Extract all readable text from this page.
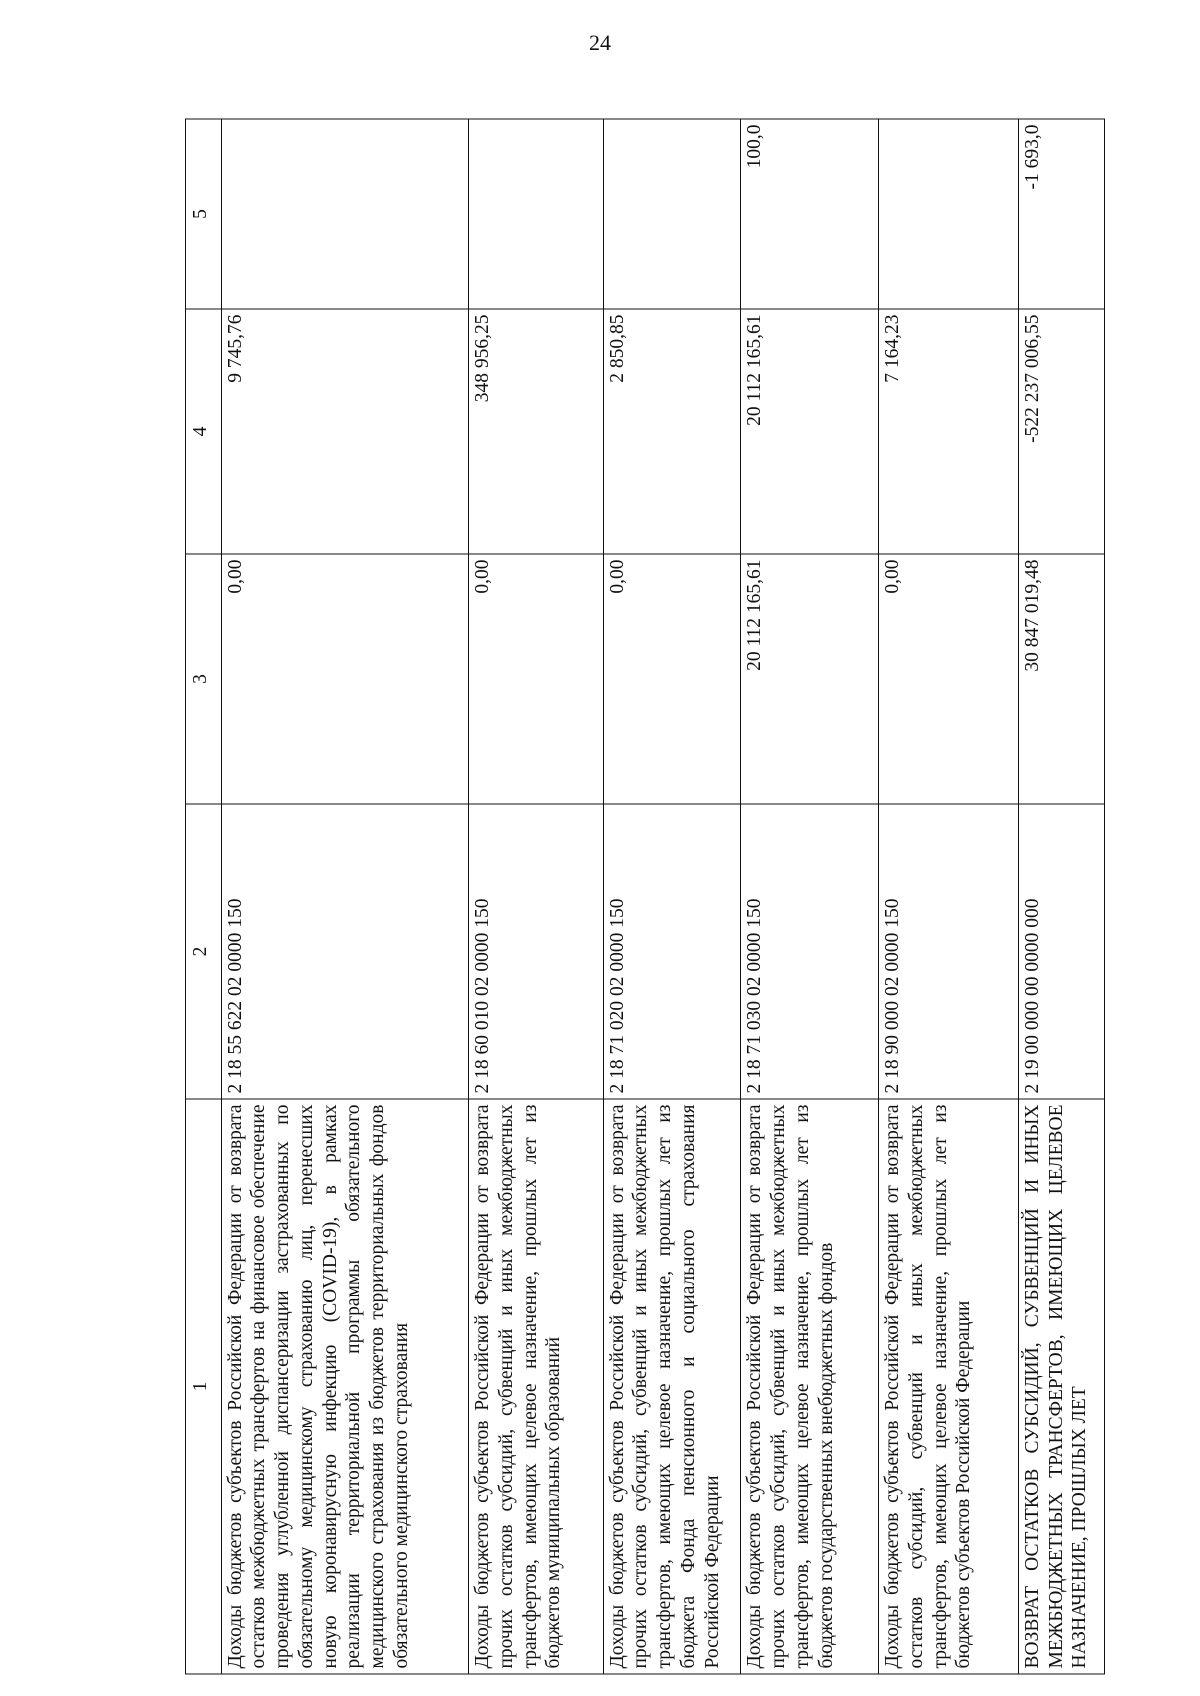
24
1	2	3	4	5
Доходы бюджетов субъектов Российской Федерации от возврата остатков межбюджетных трансфертов на финансовое обеспечение проведения углубленной диспансеризации застрахованных по обязательному медицинскому страхованию лиц, перенесших новую коронавирусную инфекцию (COVID-19), в рамках реализации территориальной программы обязательного медицинского страхования из бюджетов территориальных фондов обязательного медицинского страхования	2 18 55 622 02 0000 150	0,00	9 745,76	
Доходы бюджетов субъектов Российской Федерации от возврата прочих остатков субсидий, субвенций и иных межбюджетных трансфертов, имеющих целевое назначение, прошлых лет из бюджетов муниципальных образований	2 18 60 010 02 0000 150	0,00	348 956,25	
Доходы бюджетов субъектов Российской Федерации от возврата прочих остатков субсидий, субвенций и иных межбюджетных трансфертов, имеющих целевое назначение, прошлых лет из бюджета Фонда пенсионного и социального страхования Российской Федерации	2 18 71 020 02 0000 150	0,00	2 850,85	
Доходы бюджетов субъектов Российской Федерации от возврата прочих остатков субсидий, субвенций и иных межбюджетных трансфертов, имеющих целевое назначение, прошлых лет из бюджетов государственных внебюджетных фондов	2 18 71 030 02 0000 150	20 112 165,61	20 112 165,61	100,0
Доходы бюджетов субъектов Российской Федерации от возврата остатков субсидий, субвенций и иных межбюджетных трансфертов, имеющих целевое назначение, прошлых лет из бюджетов субъектов Российской Федерации	2 18 90 000 02 0000 150	0,00	7 164,23	
ВОЗВРАТ ОСТАТКОВ СУБСИДИЙ, СУБВЕНЦИЙ И ИНЫХ МЕЖБЮДЖЕТНЫХ ТРАНСФЕРТОВ, ИМЕЮЩИХ ЦЕЛЕВОЕ НАЗНАЧЕНИЕ, ПРОШЛЫХ ЛЕТ	2 19 00 000 00 0000 000	30 847 019,48	-522 237 006,55	-1 693,0
